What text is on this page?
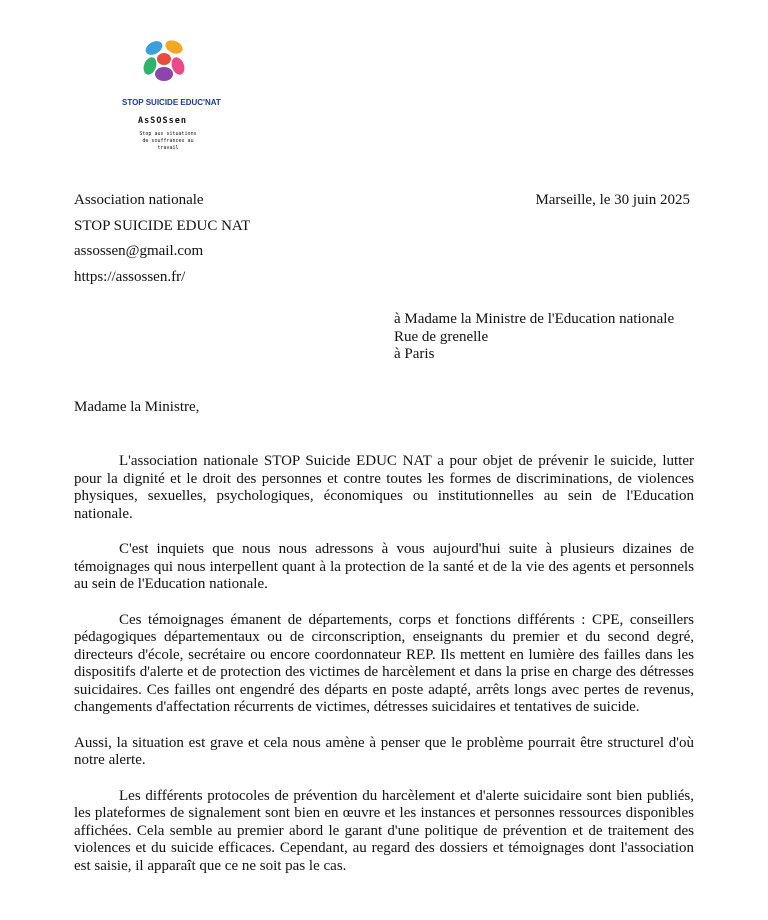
STOP SUICIDE EDUC'NAT
AsSOSsen
Stop aux situations de souffrances au travail
Association nationale
STOP SUICIDE EDUC NAT
assossen@gmail.com
https://assossen.fr/
Marseille, le 30 juin 2025
à Madame la Ministre de l'Education nationale
Rue de grenelle
à Paris
Madame la Ministre,

L'association nationale STOP Suicide EDUC NAT a pour objet de prévenir le suicide, lutter pour la dignité et le droit des personnes et contre toutes les formes de discriminations, de violences physiques, sexuelles, psychologiques, économiques ou institutionnelles au sein de l'Education nationale.

C'est inquiets que nous nous adressons à vous aujourd'hui suite à plusieurs dizaines de témoignages qui nous interpellent quant à la protection de la santé et de la vie des agents et personnels au sein de l'Education nationale.

Ces témoignages émanent de départements, corps et fonctions différents : CPE, conseillers pédagogiques départementaux ou de circonscription, enseignants du premier et du second degré, directeurs d'école, secrétaire ou encore coordonnateur REP. Ils mettent en lumière des failles dans les dispositifs d'alerte et de protection des victimes de harcèlement et dans la prise en charge des détresses suicidaires. Ces failles ont engendré des départs en poste adapté, arrêts longs avec pertes de revenus, changements d'affectation récurrents de victimes, détresses suicidaires et tentatives de suicide.

Aussi, la situation est grave et cela nous amène à penser que le problème pourrait être structurel d'où notre alerte.

Les différents protocoles de prévention du harcèlement et d'alerte suicidaire sont bien publiés, les plateformes de signalement sont bien en œuvre et les instances et personnes ressources disponibles affichées. Cela semble au premier abord le garant d'une politique de prévention et de traitement des violences et du suicide efficaces. Cependant, au regard des dossiers et témoignages dont l'association est saisie, il apparaît que ce ne soit pas le cas.
